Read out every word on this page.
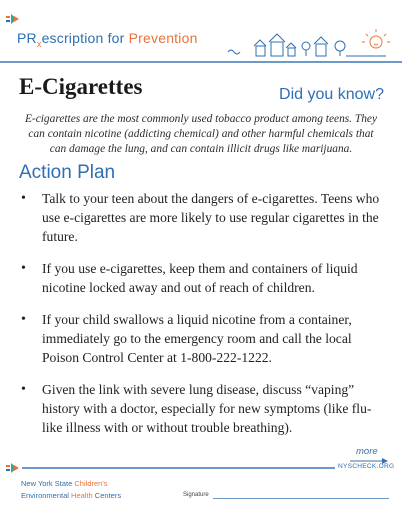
$PR_xescription$ for Prevention
E-Cigarettes	Did you know?
E-cigarettes are the most commonly used tobacco product among teens. They can contain nicotine (addicting chemical) and other harmful chemicals that can damage the lung, and can contain illicit drugs like marijuana.
Action Plan
• Talk to your teen about the dangers of e-cigarettes. Teens who use e-cigarettes are more likely to use regular cigarettes in the future.
• If you use e-cigarettes, keep them and containers of liquid nicotine locked away and out of reach of children.
• If your child swallows a liquid nicotine from a container, immediately go to the emergency room and call the local Poison Control Center at 1-800-222-1222.
• Given the link with severe lung disease, discuss “vaping” history with a doctor, especially for new symptoms (like flu-like illness with or without trouble breathing).
more
NYSCHECK.ORG
New York State Children's
Environmental Health Centers	Signature
